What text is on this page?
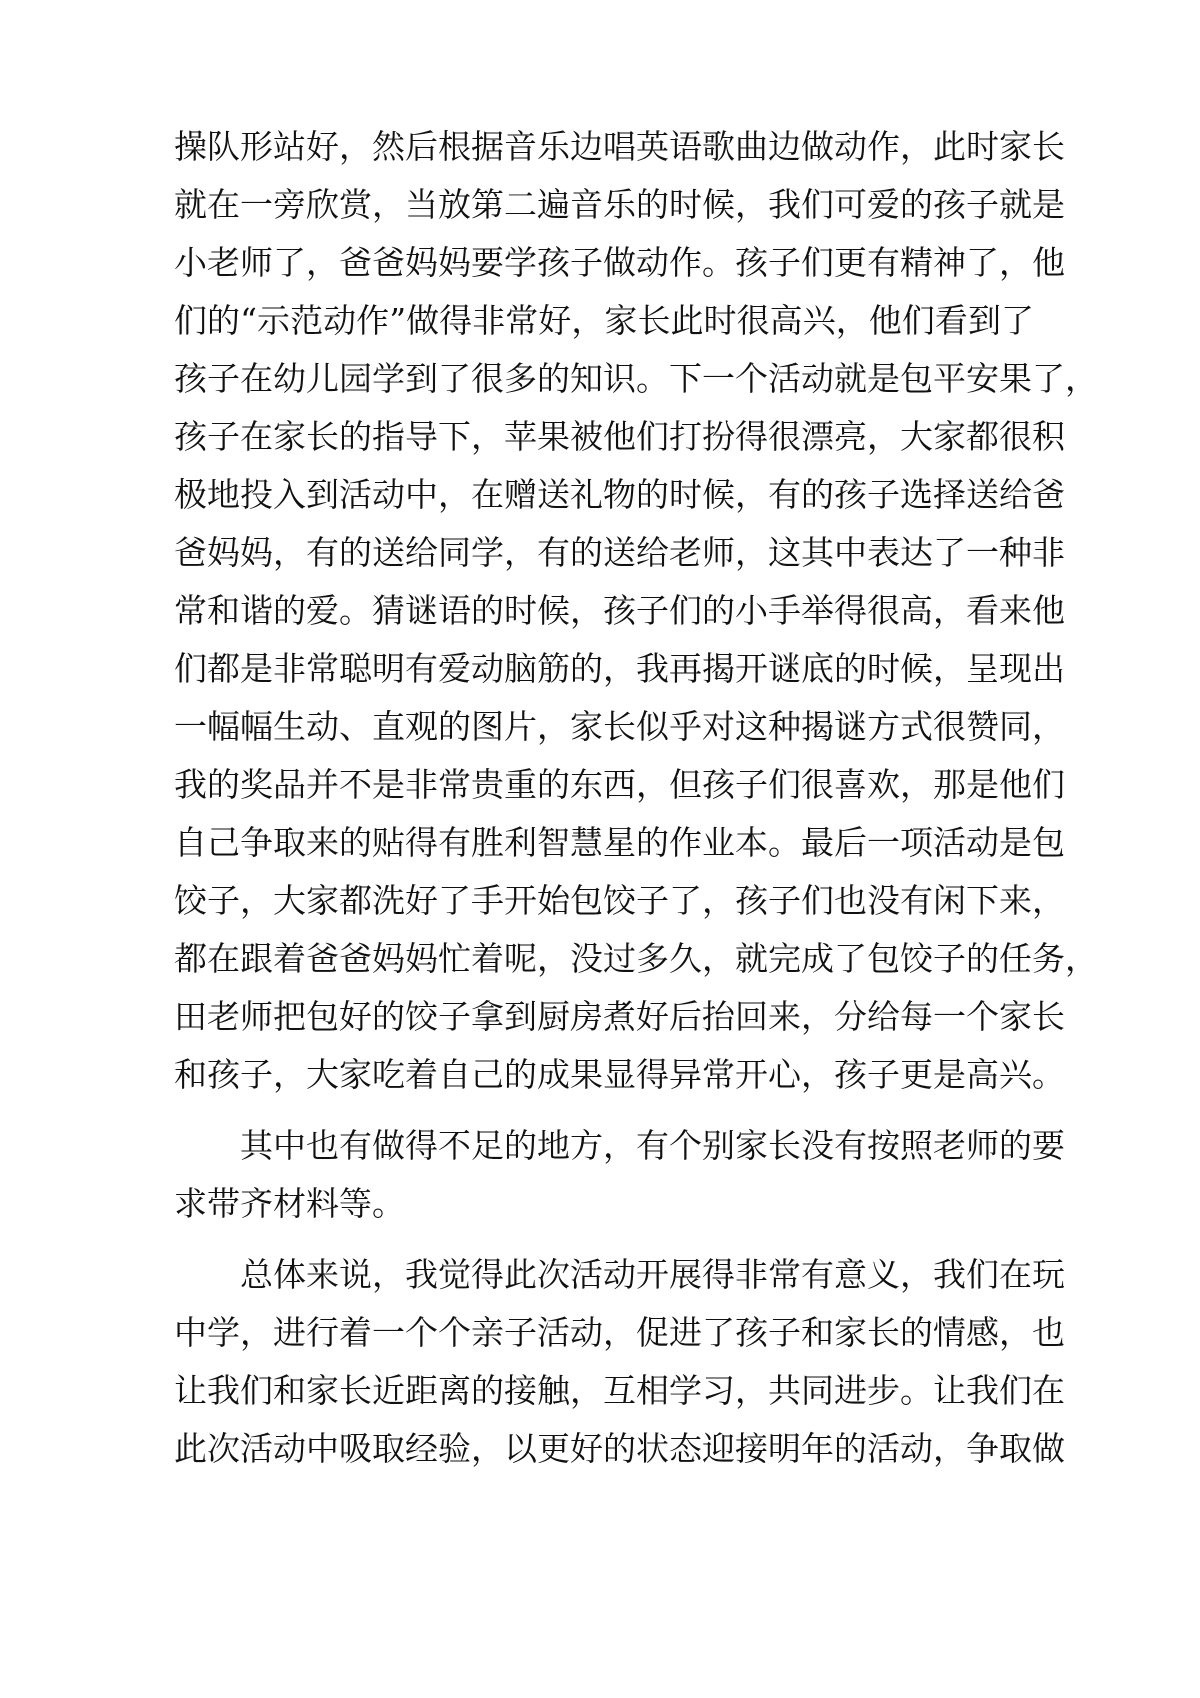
操队形站好，然后根据音乐边唱英语歌曲边做动作，此时家长
就在一旁欣赏，当放第二遍音乐的时候，我们可爱的孩子就是
小老师了，爸爸妈妈要学孩子做动作。孩子们更有精神了，他
们的“示范动作”做得非常好，家长此时很高兴，他们看到了
孩子在幼儿园学到了很多的知识。下一个活动就是包平安果了，
孩子在家长的指导下，苹果被他们打扮得很漂亮，大家都很积
极地投入到活动中，在赠送礼物的时候，有的孩子选择送给爸
爸妈妈，有的送给同学，有的送给老师，这其中表达了一种非
常和谐的爱。猜谜语的时候，孩子们的小手举得很高，看来他
们都是非常聪明有爱动脑筋的，我再揭开谜底的时候，呈现出
一幅幅生动、直观的图片，家长似乎对这种揭谜方式很赞同，
我的奖品并不是非常贵重的东西，但孩子们很喜欢，那是他们
自己争取来的贴得有胜利智慧星的作业本。最后一项活动是包
饺子，大家都洗好了手开始包饺子了，孩子们也没有闲下来，
都在跟着爸爸妈妈忙着呢，没过多久，就完成了包饺子的任务，
田老师把包好的饺子拿到厨房煮好后抬回来，分给每一个家长
和孩子，大家吃着自己的成果显得异常开心，孩子更是高兴。
其中也有做得不足的地方，有个别家长没有按照老师的要
求带齐材料等。
总体来说，我觉得此次活动开展得非常有意义，我们在玩
中学，进行着一个个亲子活动，促进了孩子和家长的情感，也
让我们和家长近距离的接触，互相学习，共同进步。让我们在
此次活动中吸取经验，以更好的状态迎接明年的活动，争取做
